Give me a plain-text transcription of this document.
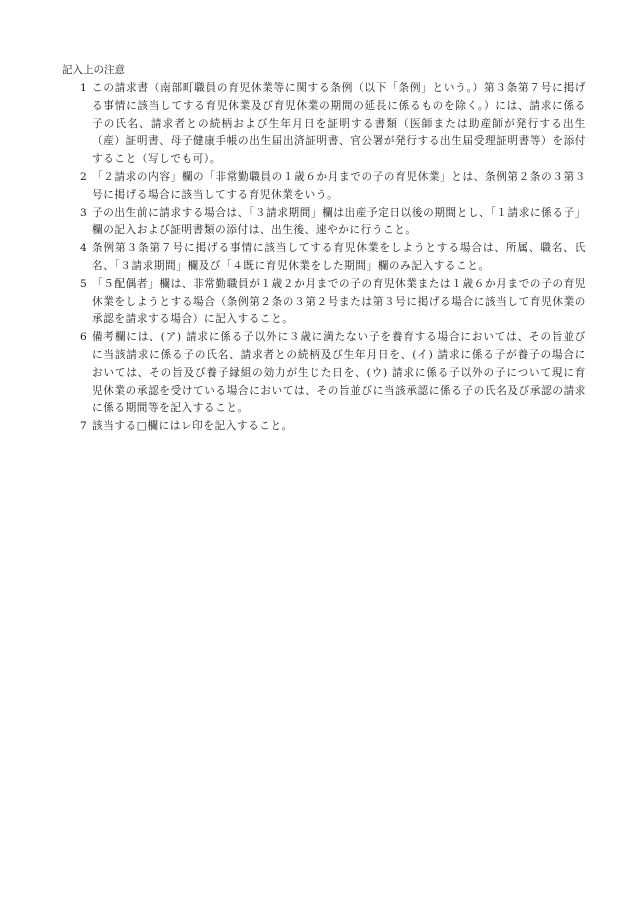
記入上の注意
1 この請求書（南部町職員の育児休業等に関する条例（以下「条例」という。）第３条第７号に掲げる事情に該当してする育児休業及び育児休業の期間の延長に係るものを除く。）には、請求に係る子の氏名、請求者との続柄および生年月日を証明する書類（医師または助産師が発行する出生（産）証明書、母子健康手帳の出生届出済証明書、官公署が発行する出生届受理証明書等）を添付すること（写しでも可）。
2 「２請求の内容」欄の「非常勤職員の１歳６か月までの子の育児休業」とは、条例第２条の３第３号に掲げる場合に該当してする育児休業をいう。
3 子の出生前に請求する場合は、「３請求期間」欄は出産予定日以後の期間とし、「１請求に係る子」欄の記入および証明書類の添付は、出生後、速やかに行うこと。
4 条例第３条第７号に掲げる事情に該当してする育児休業をしようとする場合は、所属、職名、氏名、「３請求期間」欄及び「４既に育児休業をした期間」欄のみ記入すること。
5 「５配偶者」欄は、非常勤職員が１歳２か月までの子の育児休業または１歳６か月までの子の育児休業をしようとする場合（条例第２条の３第２号または第３号に掲げる場合に該当して育児休業の承認を請求する場合）に記入すること。
6 備考欄には、(ア) 請求に係る子以外に３歳に満たない子を養育する場合においては、その旨並びに当該請求に係る子の氏名、請求者との続柄及び生年月日を、(イ) 請求に係る子が養子の場合においては、その旨及び養子縁組の効力が生じた日を、(ウ) 請求に係る子以外の子について現に育児休業の承認を受けている場合においては、その旨並びに当該承認に係る子の氏名及び承認の請求に係る期間等を記入すること。
7 該当する□欄にはレ印を記入すること。
